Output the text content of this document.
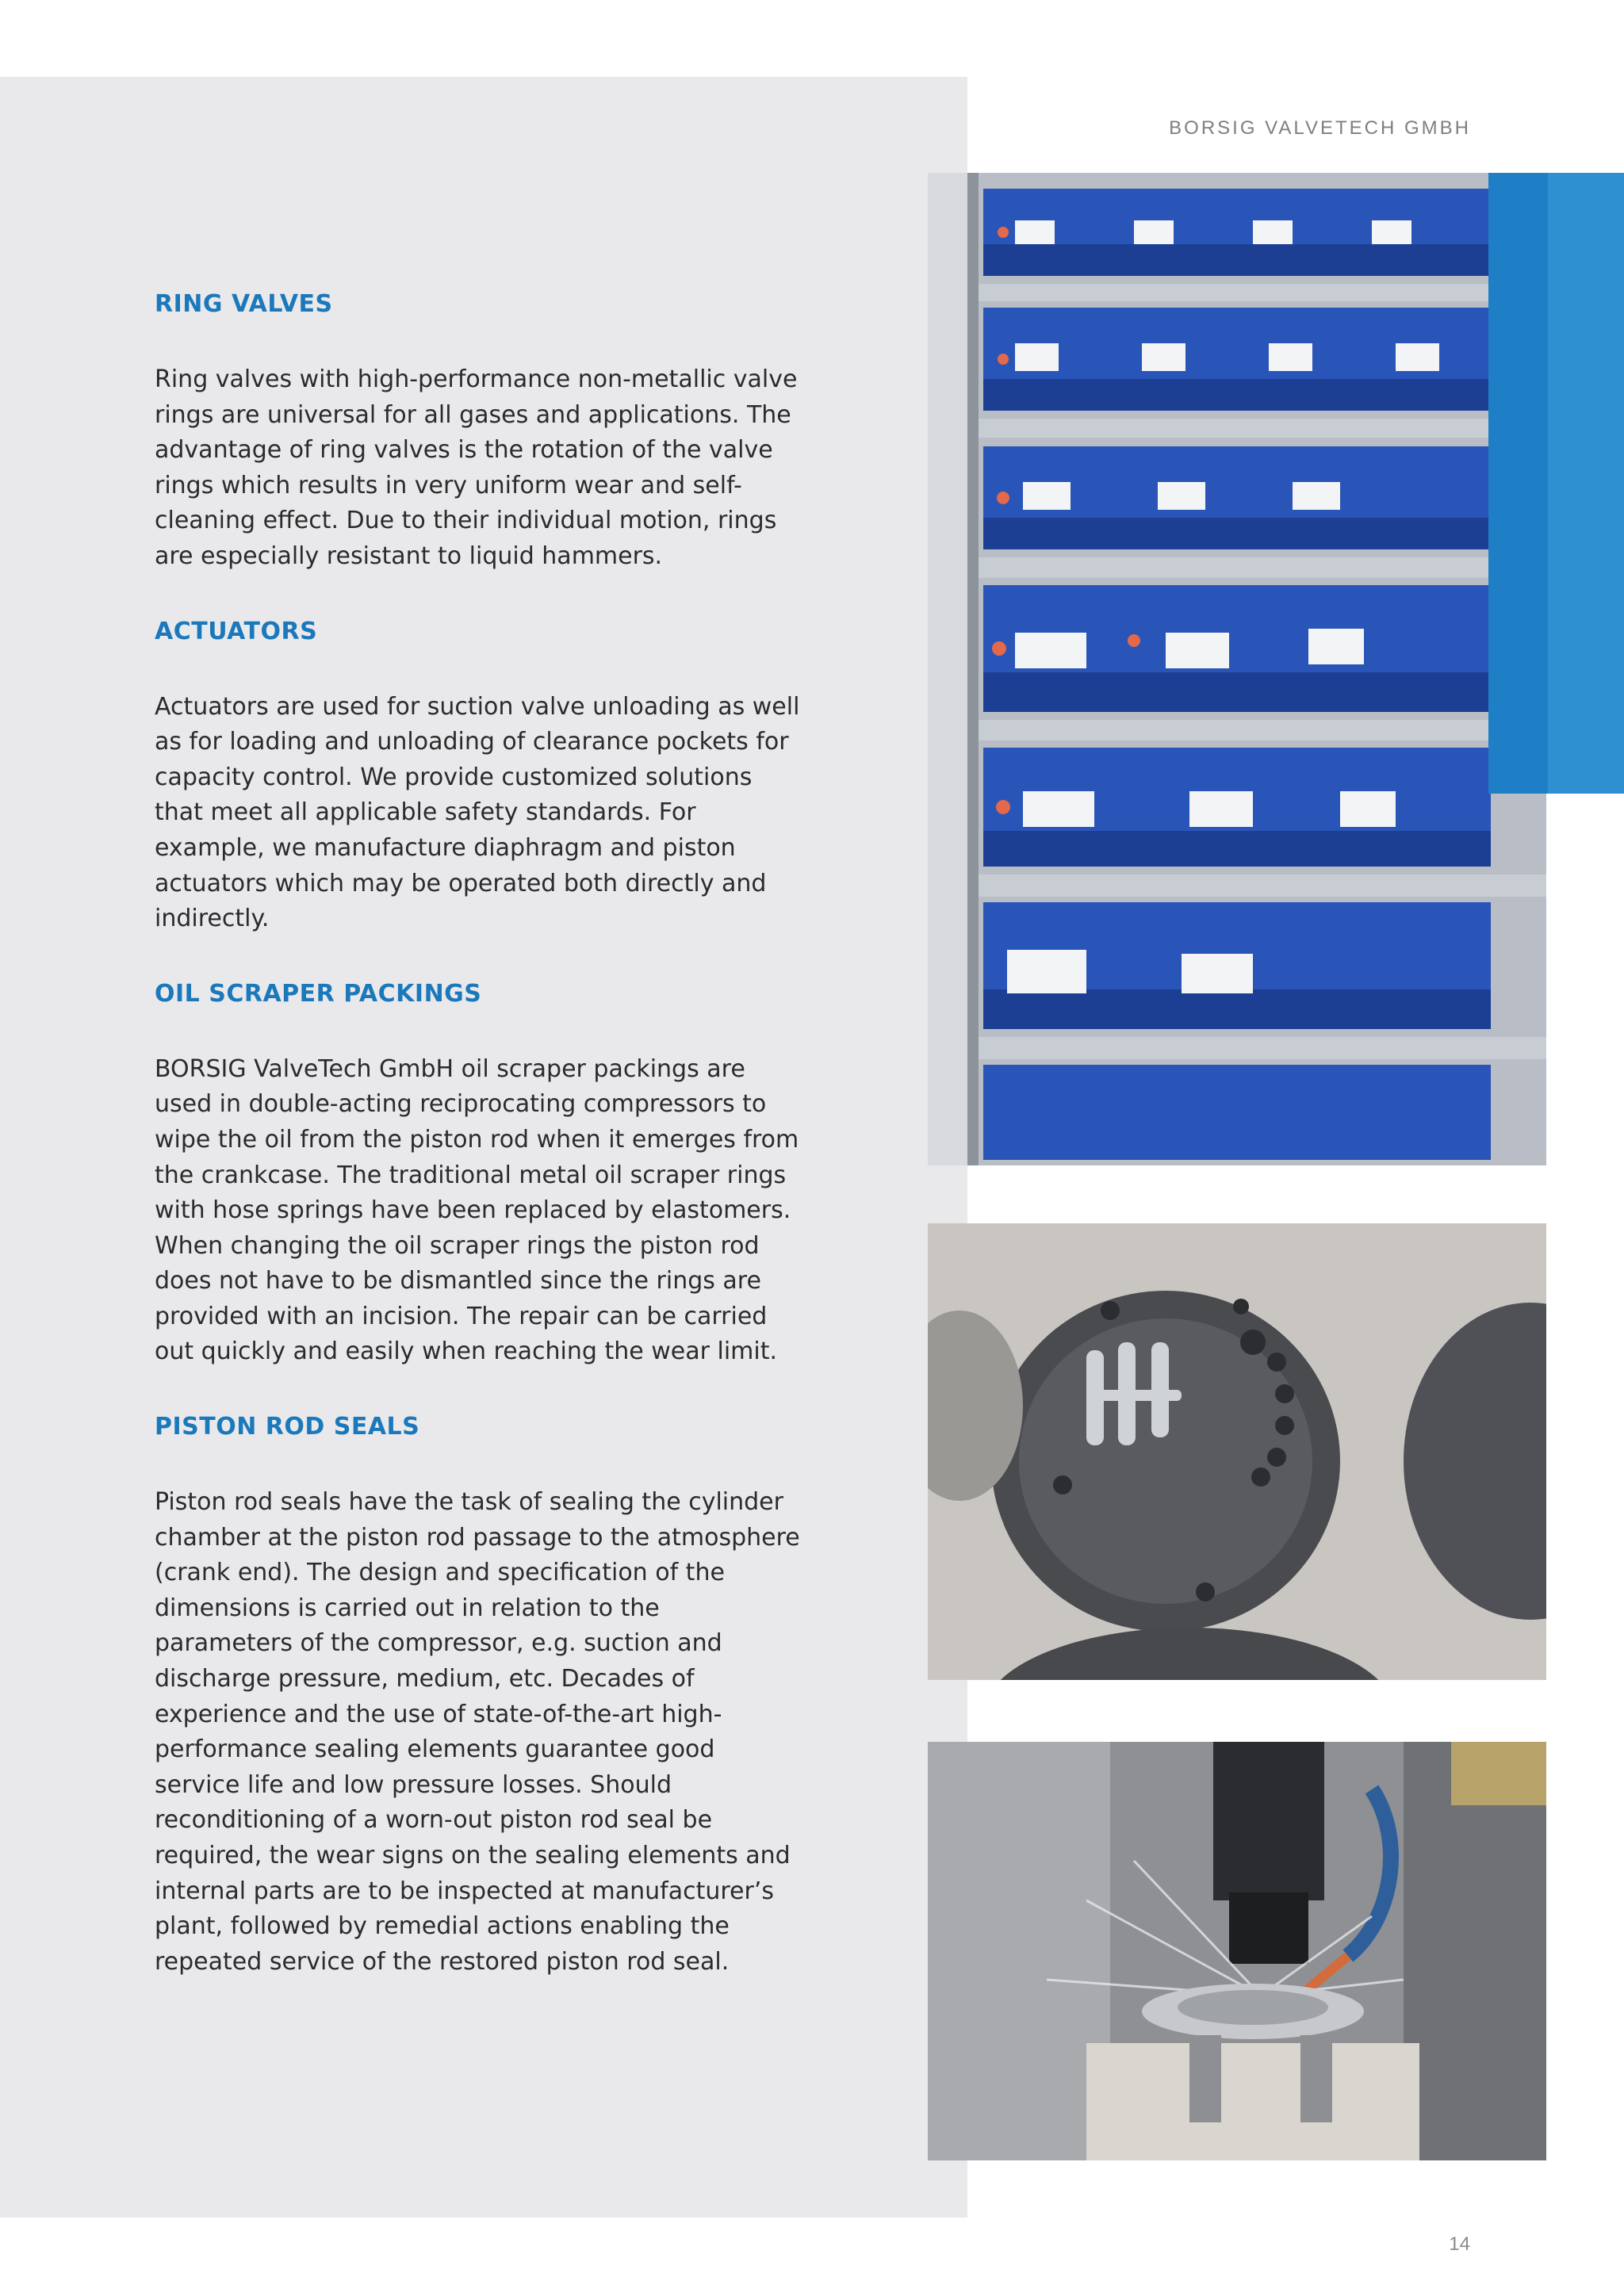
BORSIG VALVETECH GMBH
RING VALVES

Ring valves with high-performance non-metallic valve rings are universal for all gases and applications. The advantage of ring valves is the rotation of the valve rings which results in very uniform wear and self-cleaning effect. Due to their individual motion, rings are especially resistant to liquid hammers.

ACTUATORS

Actuators are used for suction valve unloading as well as for loading and unloading of clearance pockets for capacity control. We provide customized solutions that meet all applicable safety standards. For example, we manufacture diaphragm and piston actuators which may be operated both directly and indirectly.

OIL SCRAPER PACKINGS

BORSIG ValveTech GmbH oil scraper packings are used in double-acting reciprocating compressors to wipe the oil from the piston rod when it emerges from the crankcase. The traditional metal oil scraper rings with hose springs have been replaced by elastomers. When changing the oil scraper rings the piston rod does not have to be dismantled since the rings are provided with an incision. The repair can be carried out quickly and easily when reaching the wear limit.

PISTON ROD SEALS

Piston rod seals have the task of sealing the cylinder chamber at the piston rod passage to the atmosphere (crank end). The design and specification of the dimensions is carried out in relation to the parameters of the compressor, e.g. suction and discharge pressure, medium, etc. Decades of experience and the use of state-of-the-art high-performance sealing elements guarantee good service life and low pressure losses. Should reconditioning of a worn-out piston rod seal be required, the wear signs on the sealing elements and internal parts are to be inspected at manufacturer’s plant, followed by remedial actions enabling the repeated service of the restored piston rod seal.

14
